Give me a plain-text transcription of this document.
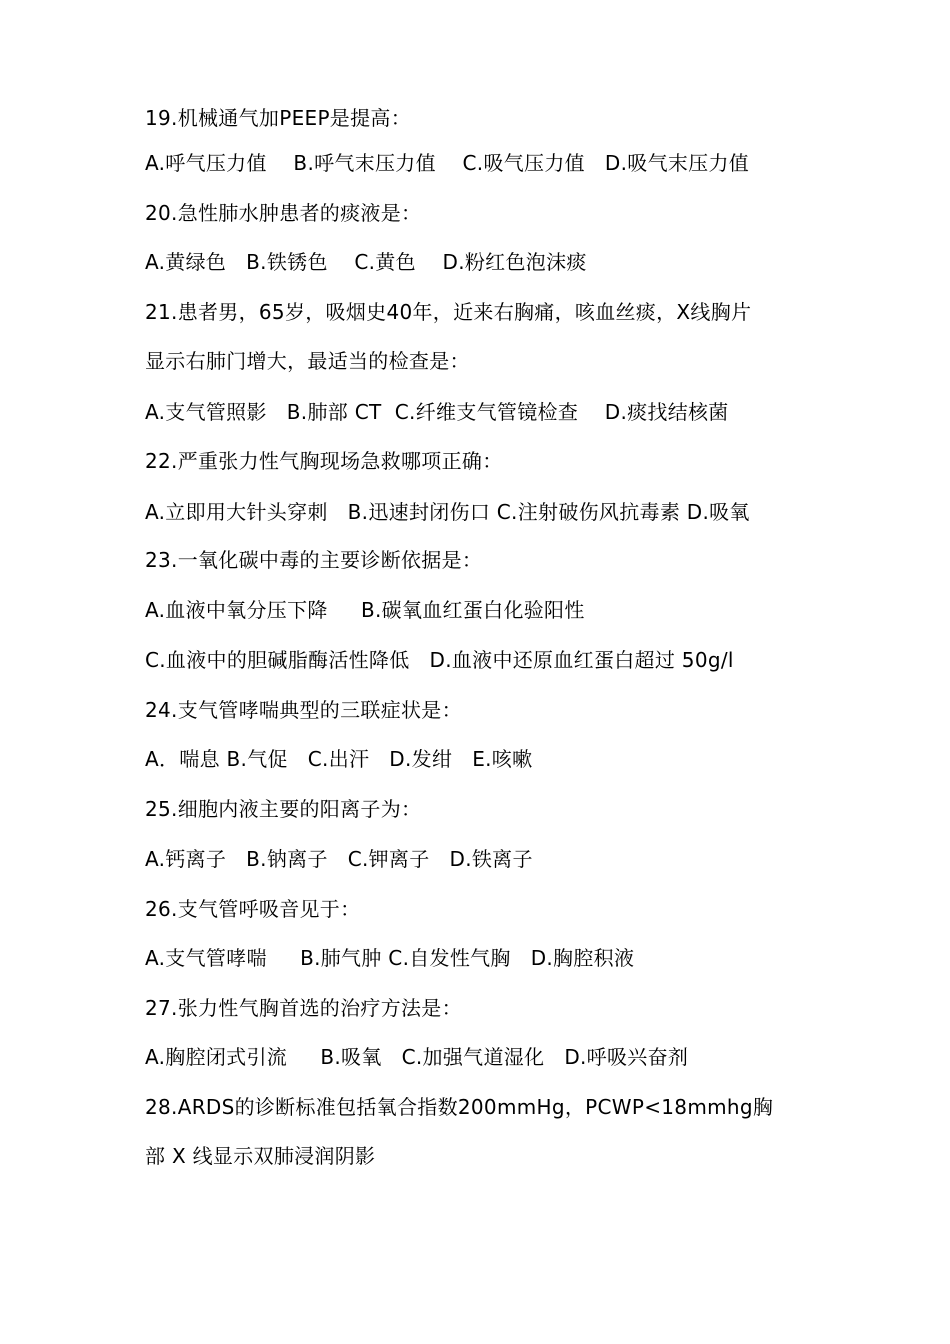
19.机械通气加PEEP是提高：
A.呼气压力值    B.呼气末压力值    C.吸气压力值   D.吸气末压力值
20.急性肺水肿患者的痰液是：
A.黄绿色   B.铁锈色    C.黄色    D.粉红色泡沫痰
21.患者男，65岁，吸烟史40年，近来右胸痛，咳血丝痰，X线胸片
显示右肺门增大，最适当的检查是：
A.支气管照影   B.肺部 CT  C.纤维支气管镜检查    D.痰找结核菌
22.严重张力性气胸现场急救哪项正确：
A.立即用大针头穿刺   B.迅速封闭伤口 C.注射破伤风抗毒素 D.吸氧
23.一氧化碳中毒的主要诊断依据是：
A.血液中氧分压下降     B.碳氧血红蛋白化验阳性
C.血液中的胆碱脂酶活性降低   D.血液中还原血红蛋白超过 50g/l
24.支气管哮喘典型的三联症状是：
A．喘息 B.气促   C.出汗   D.发绀   E.咳嗽
25.细胞内液主要的阳离子为：
A.钙离子   B.钠离子   C.钾离子   D.铁离子
26.支气管呼吸音见于：
A.支气管哮喘     B.肺气肿 C.自发性气胸   D.胸腔积液
27.张力性气胸首选的治疗方法是：
A.胸腔闭式引流     B.吸氧   C.加强气道湿化   D.呼吸兴奋剂
28.ARDS的诊断标准包括氧合指数200mmHg，PCWP<18mmhg胸
部 X 线显示双肺浸润阴影
